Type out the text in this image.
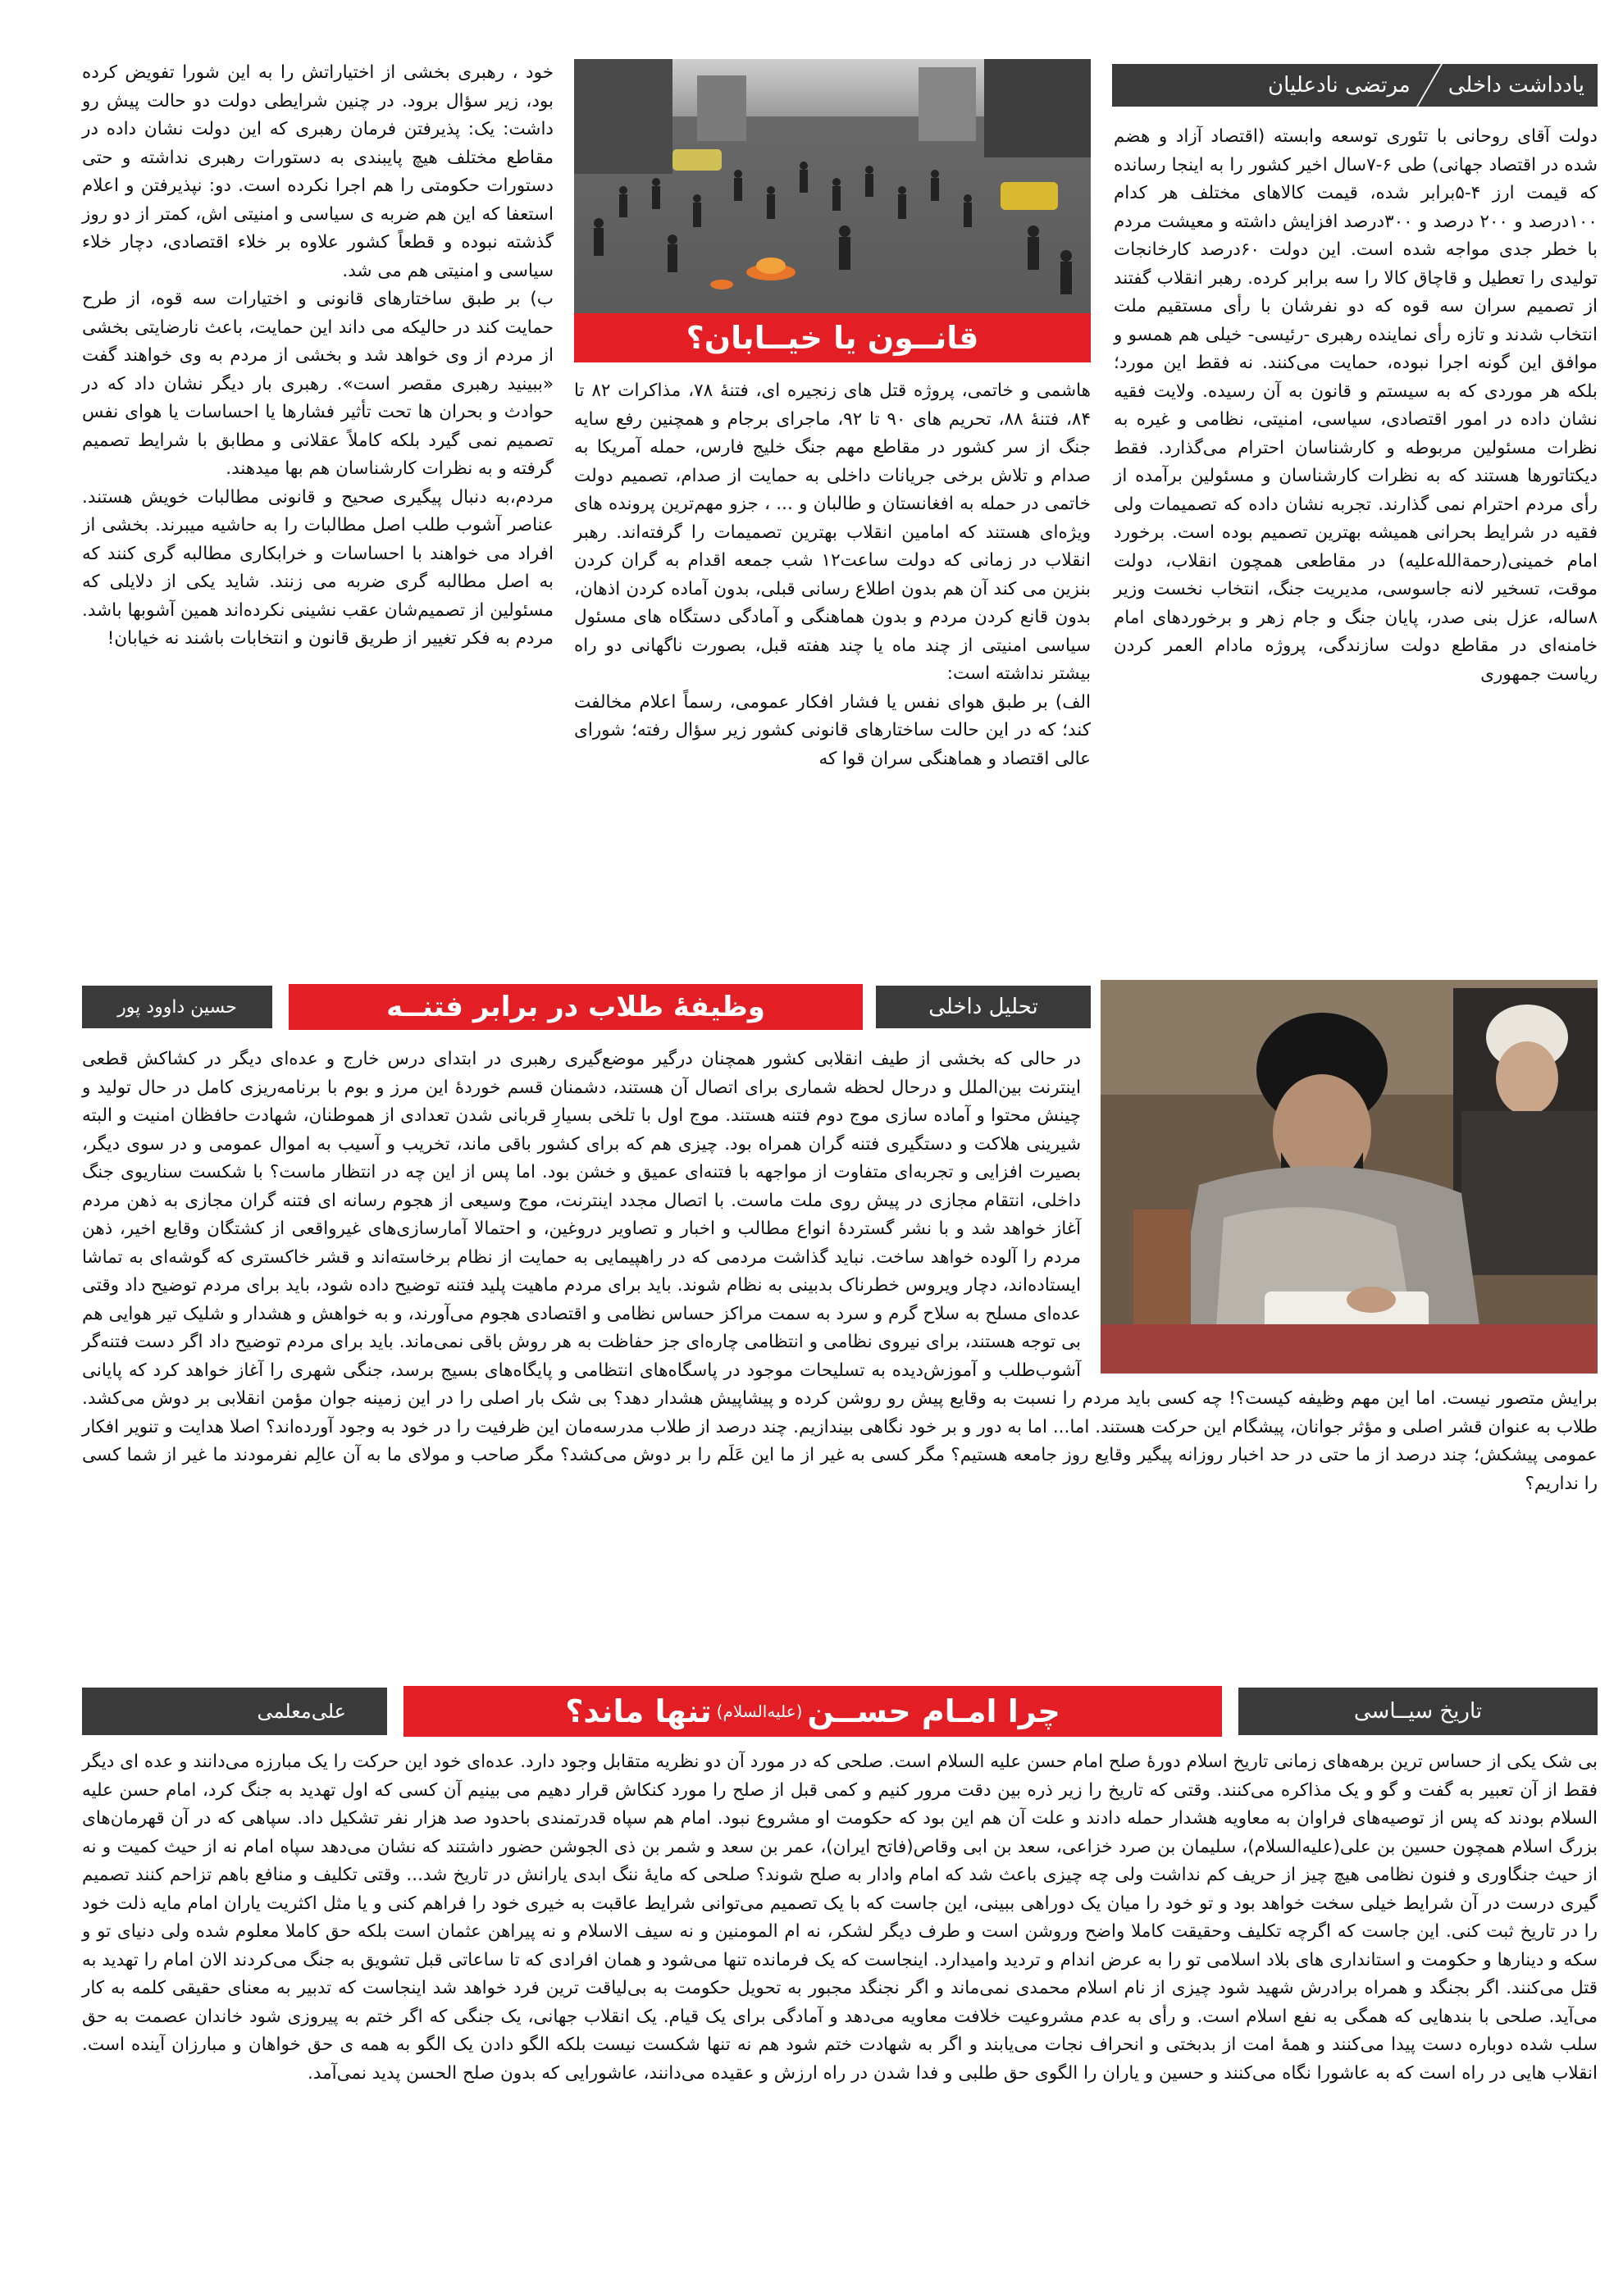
یادداشت داخلی
مرتضی نادعلیان

دولت آقای روحانی با تئوری توسعه وابسته (اقتصاد آزاد و هضم شده در اقتصاد جهانی) طی ۶-۷سال اخیر کشور را به اینجا رسانده که قیمت ارز ۴-۵برابر شده، قیمت کالاهای مختلف هر کدام ۱۰۰درصد و ۲۰۰ درصد و ۳۰۰درصد افزایش داشته و معیشت مردم با خطر جدی مواجه شده است. این دولت ۶۰درصد کارخانجات تولیدی را تعطیل و قاچاق کالا را سه برابر کرده. رهبر انقلاب گفتند از تصمیم سران سه قوه که دو نفرشان با رأی مستقیم ملت انتخاب شدند و تازه رأی نماینده رهبری -رئیسی- خیلی هم همسو و موافق این گونه اجرا نبوده، حمایت می‌کنند. نه فقط این مورد؛ بلکه هر موردی که به سیستم و قانون به آن رسیده. ولایت فقیه نشان داده در امور اقتصادی، سیاسی، امنیتی، نظامی و غیره به نظرات مسئولین مربوطه و کارشناسان احترام می‌گذارد. فقط دیکتاتورها هستند که به نظرات کارشناسان و مسئولین برآمده از رأی مردم احترام نمی گذارند. تجربه نشان داده که تصمیمات ولی فقیه در شرایط بحرانی همیشه بهترین تصمیم بوده است. برخورد امام خمینی(رحمةالله‌علیه) در مقاطعی همچون انقلاب، دولت موقت، تسخیر لانه جاسوسی، مدیریت جنگ، انتخاب نخست وزیر ۸ساله، عزل بنی صدر، پایان جنگ و جام زهر و برخوردهای امام خامنه‌ای در مقاطع دولت سازندگی، پروژه مادام العمر کردن ریاست جمهوری

قانــون یا خیــابان؟

هاشمی و خاتمی، پروژه قتل های زنجیره ای، فتنهٔ ۷۸، مذاکرات ۸۲ تا ۸۴، فتنهٔ ۸۸، تحریم های ۹۰ تا ۹۲، ماجرای برجام و همچنین رفع سایه جنگ از سر کشور در مقاطع مهم جنگ خلیج فارس، حمله آمریکا به صدام و تلاش برخی جریانات داخلی به حمایت از صدام، تصمیم دولت خاتمی در حمله به افغانستان و طالبان و ... ، جزو مهم‌ترین پرونده های ویژه‌ای هستند که امامین انقلاب بهترین تصمیمات را گرفته‌اند. رهبر انقلاب در زمانی که دولت ساعت۱۲ شب جمعه اقدام به گران کردن بنزین می کند آن هم بدون اطلاع رسانی قبلی، بدون آماده کردن اذهان، بدون قانع کردن مردم و بدون هماهنگی و آمادگی دستگاه های مسئول سیاسی امنیتی از چند ماه یا چند هفته قبل، بصورت ناگهانی دو راه بیشتر نداشته است:

الف) بر طبق هوای نفس یا فشار افکار عمومی، رسماً اعلام مخالفت کند؛ که در این حالت ساختارهای قانونی کشور زیر سؤال رفته؛ شورای عالی اقتصاد و هماهنگی سران قوا که

خود ، رهبری بخشی از اختیاراتش را به این شورا تفویض کرده بود، زیر سؤال برود. در چنین شرایطی دولت دو حالت پیش رو داشت: یک: پذیرفتن فرمان رهبری که این دولت نشان داده در مقاطع مختلف هیچ پایبندی به دستورات رهبری نداشته و حتی دستورات حکومتی را هم اجرا نکرده است. دو: نپذیرفتن و اعلام استعفا که این هم ضربه ی سیاسی و امنیتی اش، کمتر از دو روز گذشته نبوده و قطعاً کشور علاوه بر خلاء اقتصادی، دچار خلاء سیاسی و امنیتی هم می شد.

ب) بر طبق ساختارهای قانونی و اختیارات سه قوه، از طرح حمایت کند در حالیکه می داند این حمایت، باعث نارضایتی بخشی از مردم از وی خواهد شد و بخشی از مردم به وی خواهند گفت «ببینید رهبری مقصر است». رهبری بار دیگر نشان داد که در حوادث و بحران ها تحت تأثیر فشارها یا احساسات یا هوای نفس تصمیم نمی گیرد بلکه کاملاً عقلانی و مطابق با شرایط تصمیم گرفته و به نظرات کارشناسان هم بها میدهند.

مردم،به دنبال پیگیری صحیح و قانونی مطالبات خویش هستند. عناصر آشوب طلب اصل مطالبات را به حاشیه میبرند. بخشی از افراد می خواهند با احساسات و خرابکاری مطالبه گری کنند که به اصل مطالبه گری ضربه می زنند. شاید یکی از دلایلی که مسئولین از تصمیم‌شان عقب نشینی نکرده‌اند همین آشوبها باشد. مردم به فکر تغییر از طریق قانون و انتخابات باشند نه خیابان!

تحلیل داخلی
وظیفهٔ طلاب در برابر فتنــه
حسین داوود پور

در حالی که بخشی از طیف انقلابی کشور همچنان درگیر موضع‌گیری رهبری در ابتدای درس خارج و عده‌ای دیگر در کشاکش قطعی اینترنت بین‌الملل و درحال لحظه شماری برای اتصال آن هستند، دشمنان قسم خوردهٔ این مرز و بوم با برنامه‌ریزی کامل در حال تولید و چینش محتوا و آماده سازی موج دوم فتنه هستند. موج اول با تلخی بسیارِ قربانی شدن تعدادی از هموطنان، شهادت حافظان امنیت و البته شیرینی هلاکت و دستگیری فتنه گران همراه بود. چیزی هم که برای کشور باقی ماند، تخریب و آسیب به اموال عمومی و در سوی دیگر، بصیرت افزایی و تجربه‌ای متفاوت از مواجهه با فتنه‌ای عمیق و خشن بود. اما پس از این چه در انتظار ماست؟ با شکست سناریوی جنگ داخلی، انتقام مجازی در پیش روی ملت ماست. با اتصال مجدد اینترنت، موج وسیعی از هجوم رسانه ای فتنه گران مجازی به ذهن مردم آغاز خواهد شد و با نشر گستردهٔ انواع مطالب و اخبار و تصاویر دروغین، و احتمالا آمارسازی‌های غیرواقعی از کشتگان وقایع اخیر، ذهن مردم را آلوده خواهد ساخت. نباید گذاشت مردمی که در راهپیمایی به حمایت از نظام برخاسته‌اند و قشر خاکستری که گوشه‌ای به تماشا ایستاده‌اند، دچار ویروس خطرناک بدبینی به نظام شوند. باید برای مردم ماهیت پلید فتنه توضیح داده شود، باید برای مردم توضیح داد وقتی عده‌ای مسلح به سلاح گرم و سرد به سمت مراکز حساس نظامی و اقتصادی هجوم می‌آورند، و به خواهش و هشدار و شلیک تیر هوایی هم بی توجه هستند، برای نیروی نظامی و انتظامی چاره‌ای جز حفاظت به هر روش باقی نمی‌ماند. باید برای مردم توضیح داد اگر دست فتنه‌گر آشوب‌طلب و آموزش‌دیده به تسلیحات موجود در پاسگاه‌های انتظامی و پایگاه‌های بسیج برسد، جنگی شهری را آغاز خواهد کرد که پایانی برایش متصور نیست. اما این مهم وظیفه کیست؟! چه کسی باید مردم را نسبت به وقایع پیش رو روشن کرده و پیشاپیش هشدار دهد؟ بی شک بار اصلی را در این زمینه جوان مؤمن انقلابی بر دوش می‌کشد. طلاب به عنوان قشر اصلی و مؤثر جوانان، پیشگام این حرکت هستند. اما... اما به دور و بر خود نگاهی بیندازیم. چند درصد از طلاب مدرسه‌مان این ظرفیت را در خود به وجود آورده‌اند؟ اصلا هدایت و تنویر افکار عمومی پیشکش؛ چند درصد از ما حتی در حد اخبار روزانه پیگیر وقایع روز جامعه هستیم؟ مگر کسی به غیر از ما این عَلَم را بر دوش می‌کشد؟ مگر صاحب و مولای ما به آن عالِم نفرمودند ما غیر از شما کسی را نداریم؟

تاریخ سیــاسی
چرا امـام حســن
(علیه‌السلام)
تنها ماند؟
علی‌معلمی

بی شک یکی از حساس ترین برهه‌های زمانی تاریخ اسلام دورهٔ صلح امام حسن علیه السلام است. صلحی که در مورد آن دو نظریه متقابل وجود دارد. عده‌ای خود این حرکت را یک مبارزه می‌دانند و عده ای دیگر فقط از آن تعبیر به گفت و گو و یک مذاکره می‌کنند. وقتی که تاریخ را زیر ذره بین دقت مرور کنیم و کمی قبل از صلح را مورد کنکاش قرار دهیم می بینیم آن کسی که اول تهدید به جنگ کرد، امام حسن علیه السلام بودند که پس از توصیه‌های فراوان به معاویه هشدار حمله دادند و علت آن هم این بود که حکومت او مشروع نبود. امام هم سپاه قدرتمندی باحدود صد هزار نفر تشکیل داد. سپاهی که در آن قهرمان‌های بزرگ اسلام همچون حسین بن علی(علیه‌السلام)، سلیمان بن صرد خزاعی، سعد بن ابی وقاص(فاتح ایران)، عمر بن سعد و شمر بن ذی الجوشن حضور داشتند که نشان می‌دهد سپاه امام نه از حیث کمیت و نه از حیث جنگاوری و فنون نظامی هیچ چیز از حریف کم نداشت ولی چه چیزی باعث شد که امام وادار به صلح شوند؟ صلحی که مایهٔ ننگ ابدی یارانش در تاریخ شد... وقتی تکلیف و منافع باهم تزاحم کنند تصمیم گیری درست در آن شرایط خیلی سخت خواهد بود و تو خود را میان یک دوراهی ببینی، این جاست که با یک تصمیم می‌توانی شرایط عاقبت به خیری خود را فراهم کنی و یا مثل اکثریت یاران امام مایه ذلت خود را در تاریخ ثبت کنی. این جاست که اگرچه تکلیف وحقیقت کاملا واضح وروشن است و طرف دیگر لشکر، نه ام المومنین و نه سیف الاسلام و نه پیراهن عثمان است بلکه حق کاملا معلوم شده ولی دنیای تو و سکه و دینارها و حکومت و استانداری های بلاد اسلامی تو را به عرض اندام و تردید وامیدارد. اینجاست که یک فرمانده تنها می‌شود و همان افرادی که تا ساعاتی قبل تشویق به جنگ می‌کردند الان امام را تهدید به قتل می‌کنند. اگر بجنگد و همراه برادرش شهید شود چیزی از نام اسلام محمدی نمی‌ماند و اگر نجنگد مجبور به تحویل حکومت به بی‌لیاقت ترین فرد خواهد شد اینجاست که تدبیر به معنای حقیقی کلمه به کار می‌آید. صلحی با بندهایی که همگی به نفع اسلام است. و رأی به عدم مشروعیت خلافت معاویه می‌دهد و آمادگی برای یک قیام. یک انقلاب جهانی، یک جنگی که اگر ختم به پیروزی شود خاندان عصمت به حق سلب شده دوباره دست پیدا می‌کنند و همهٔ امت از بدبختی و انحراف نجات می‌یابند و اگر به شهادت ختم شود هم نه تنها شکست نیست بلکه الگو دادن یک الگو به همه ی حق خواهان و مبارزان آینده است. انقلاب هایی در راه است که به عاشورا نگاه می‌کنند و حسین و یاران را الگوی حق طلبی و فدا شدن در راه ارزش و عقیده می‌دانند، عاشورایی که بدون صلح الحسن پدید نمی‌آمد.
